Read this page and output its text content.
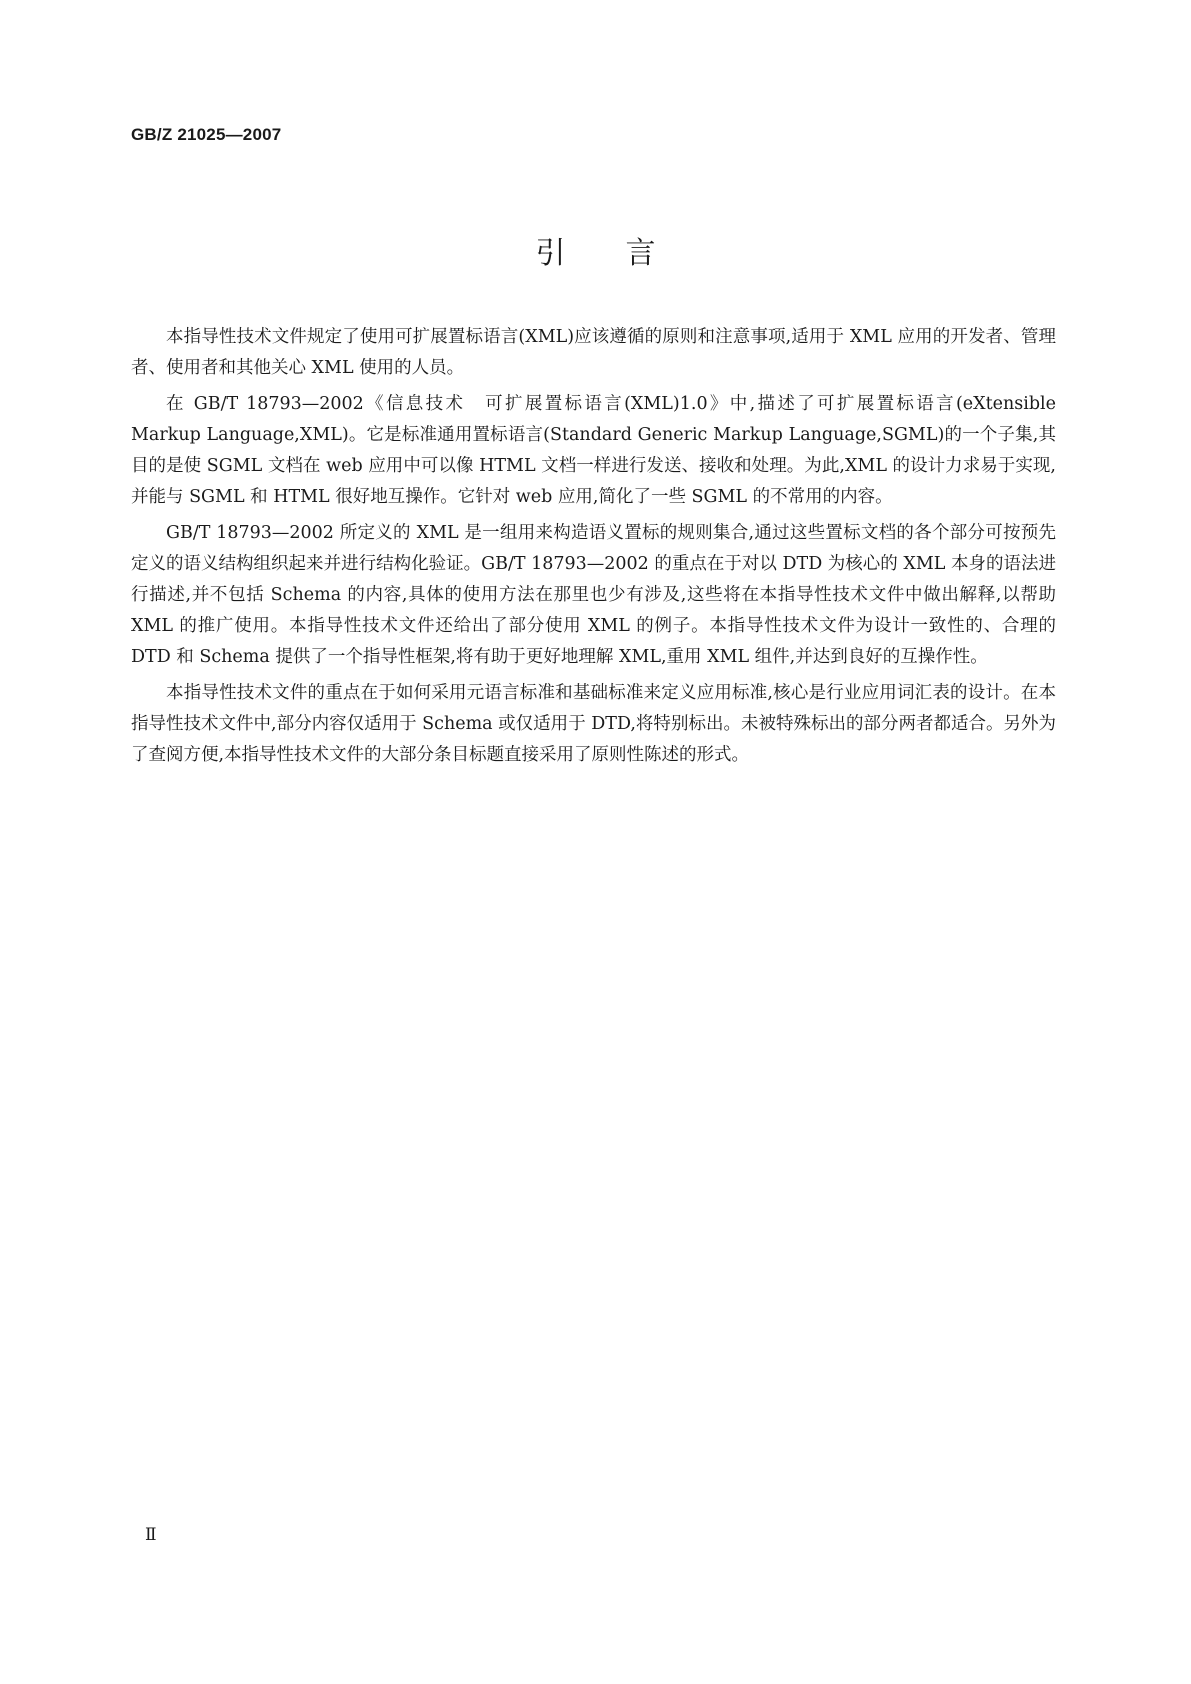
GB/Z 21025—2007
引言

本指导性技术文件规定了使用可扩展置标语言(XML)应该遵循的原则和注意事项,适用于 XML 应用的开发者、管理者、使用者和其他关心 XML 使用的人员。

在 GB/T 18793—2002《信息技术　可扩展置标语言(XML)1.0》中,描述了可扩展置标语言(eXtensible Markup Language,XML)。它是标准通用置标语言(Standard Generic Markup Language,SGML)的一个子集,其目的是使 SGML 文档在 web 应用中可以像 HTML 文档一样进行发送、接收和处理。为此,XML 的设计力求易于实现,并能与 SGML 和 HTML 很好地互操作。它针对 web 应用,简化了一些 SGML 的不常用的内容。

GB/T 18793—2002 所定义的 XML 是一组用来构造语义置标的规则集合,通过这些置标文档的各个部分可按预先定义的语义结构组织起来并进行结构化验证。GB/T 18793—2002 的重点在于对以 DTD 为核心的 XML 本身的语法进行描述,并不包括 Schema 的内容,具体的使用方法在那里也少有涉及,这些将在本指导性技术文件中做出解释,以帮助 XML 的推广使用。本指导性技术文件还给出了部分使用 XML 的例子。本指导性技术文件为设计一致性的、合理的 DTD 和 Schema 提供了一个指导性框架,将有助于更好地理解 XML,重用 XML 组件,并达到良好的互操作性。

本指导性技术文件的重点在于如何采用元语言标准和基础标准来定义应用标准,核心是行业应用词汇表的设计。在本指导性技术文件中,部分内容仅适用于 Schema 或仅适用于 DTD,将特别标出。未被特殊标出的部分两者都适合。另外为了查阅方便,本指导性技术文件的大部分条目标题直接采用了原则性陈述的形式。

Ⅱ
